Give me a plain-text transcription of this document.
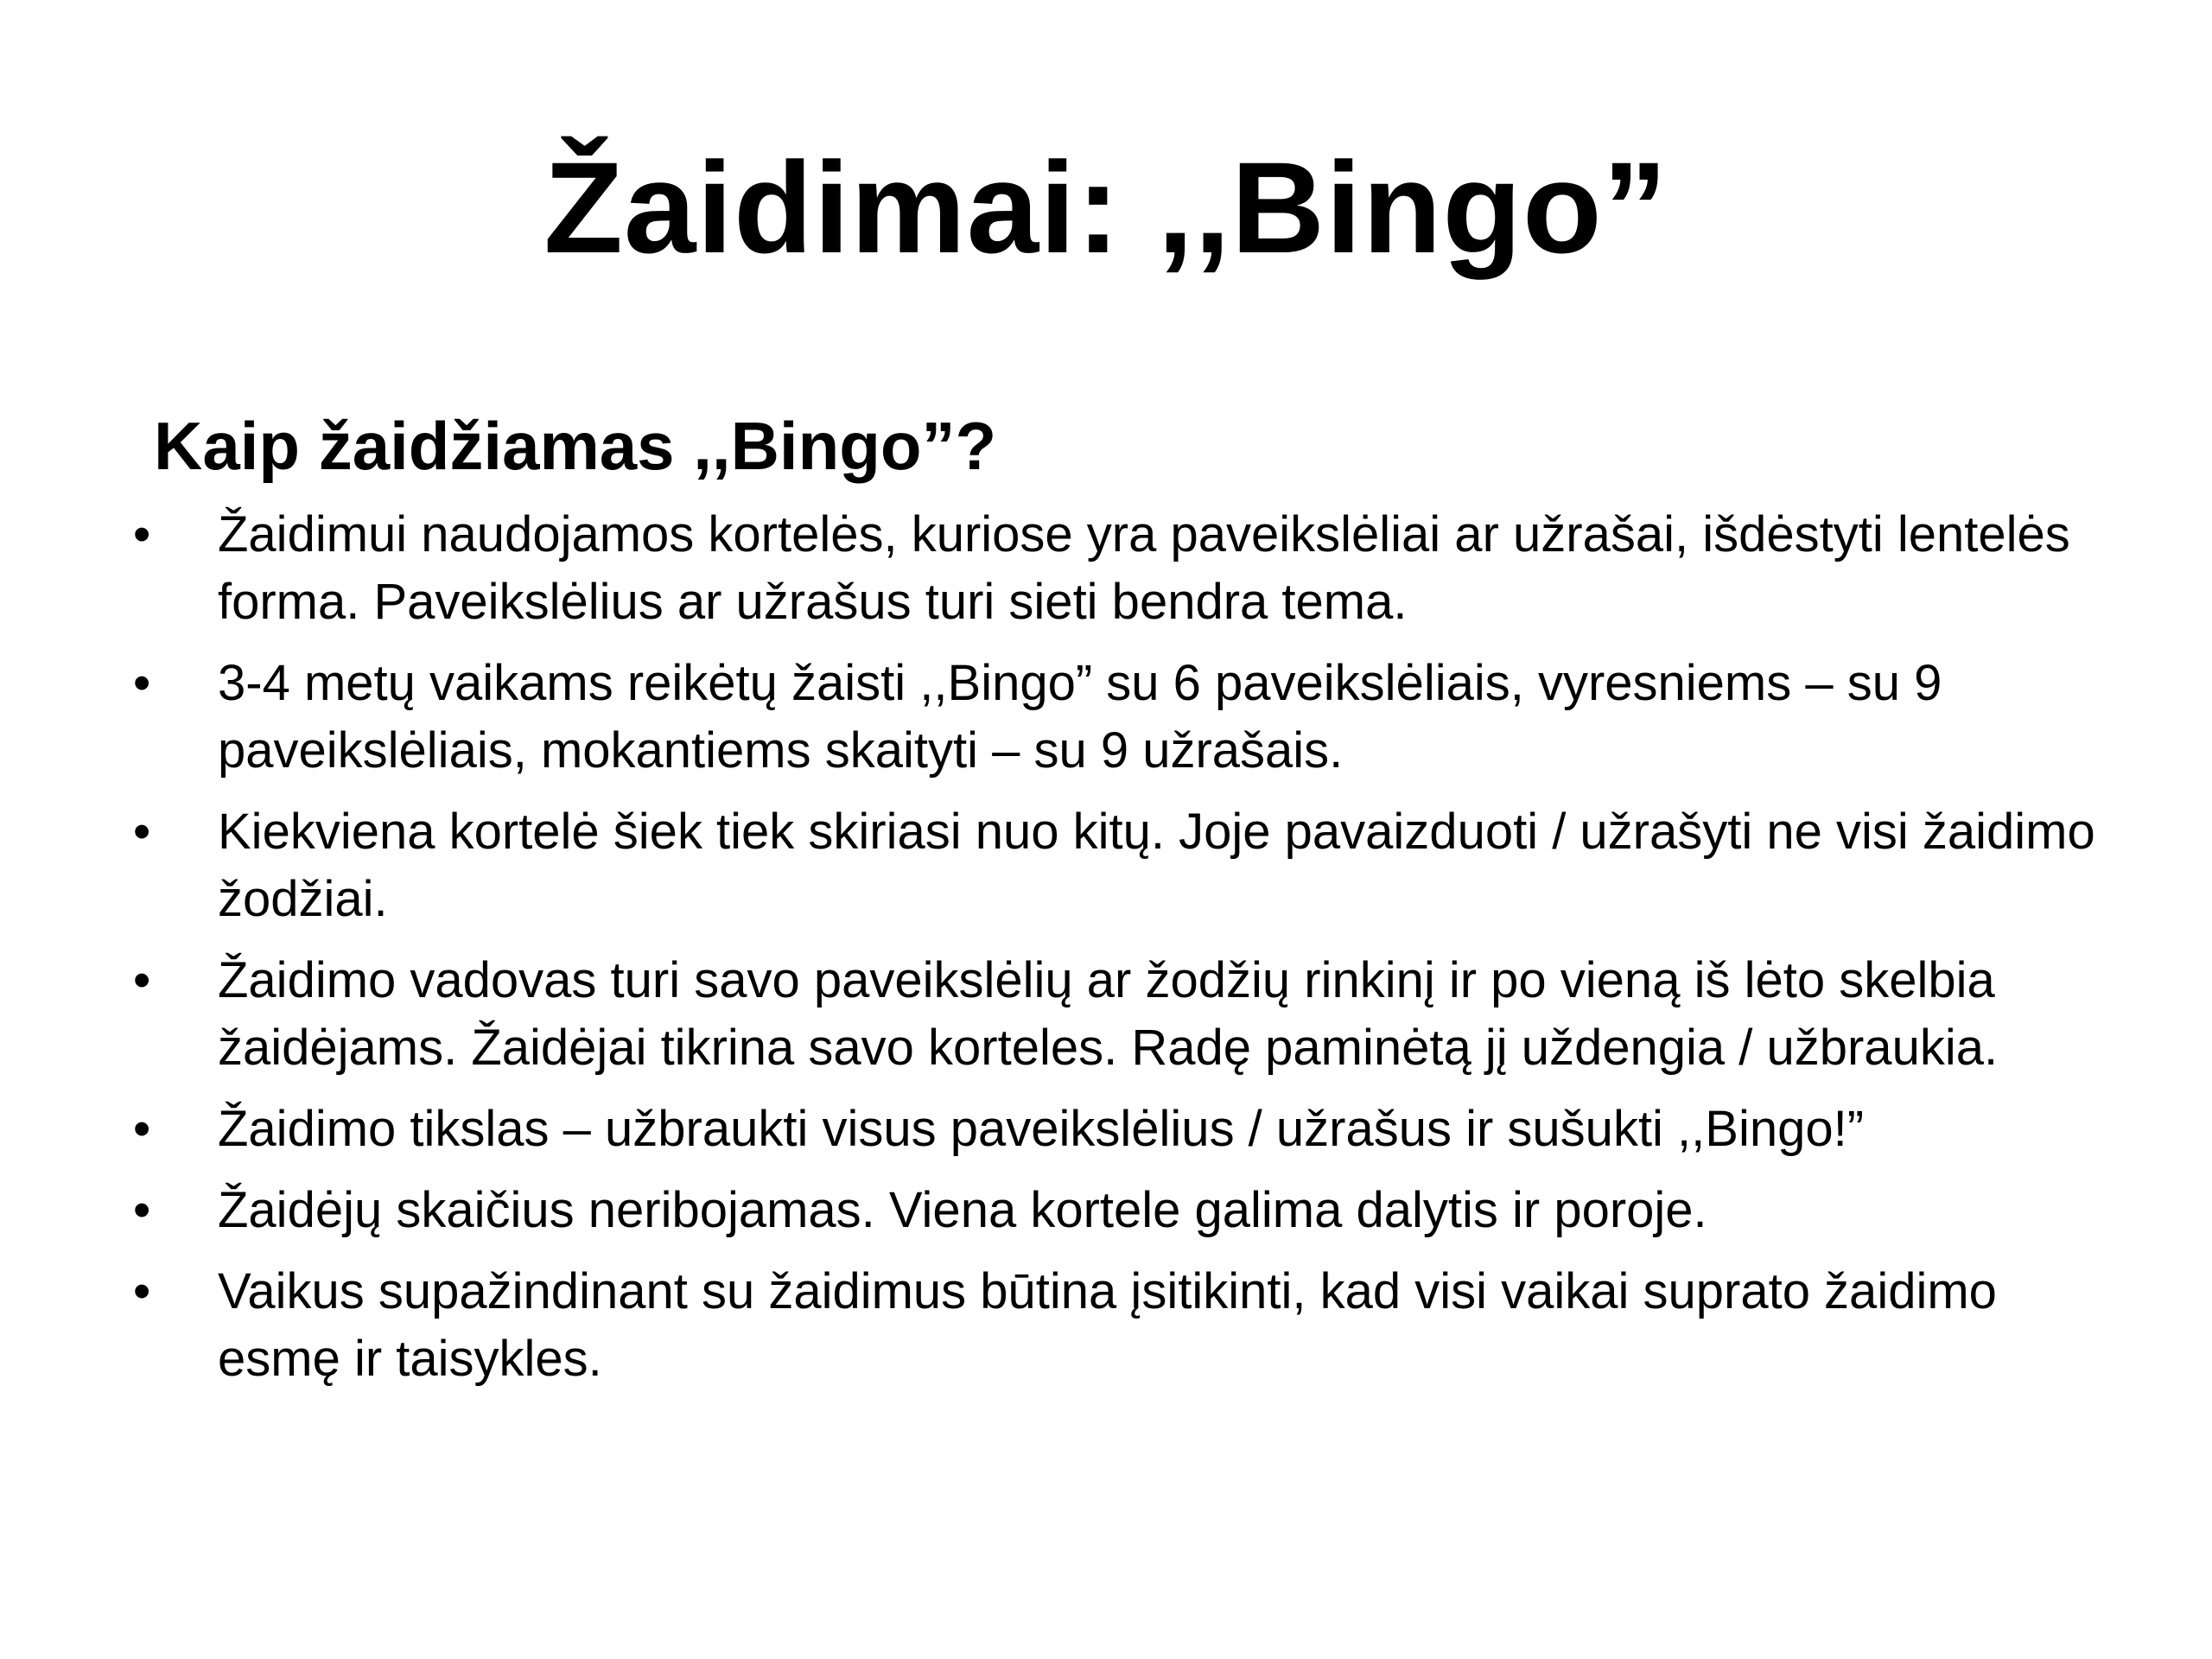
Žaidimai: ,,Bingo”
Kaip žaidžiamas ,,Bingo”?
•	Žaidimui naudojamos kortelės, kuriose yra paveikslėliai ar užrašai, išdėstyti lentelės forma. Paveikslėlius ar užrašus turi sieti bendra tema.
•	3-4 metų vaikams reikėtų žaisti ,,Bingo” su 6 paveikslėliais, vyresniems – su 9 paveikslėliais, mokantiems skaityti – su 9 užrašais.
•	Kiekviena kortelė šiek tiek skiriasi nuo kitų. Joje pavaizduoti / užrašyti ne visi žaidimo žodžiai.
•	Žaidimo vadovas turi savo paveikslėlių ar žodžių rinkinį ir po vieną iš lėto skelbia žaidėjams. Žaidėjai tikrina savo korteles. Radę paminėtą jį uždengia / užbraukia.
•	Žaidimo tikslas – užbraukti visus paveikslėlius / užrašus ir sušukti ,,Bingo!”
•	Žaidėjų skaičius neribojamas. Viena kortele galima dalytis ir poroje.
•	Vaikus supažindinant su žaidimus būtina įsitikinti, kad visi vaikai suprato žaidimo esmę ir taisykles.
